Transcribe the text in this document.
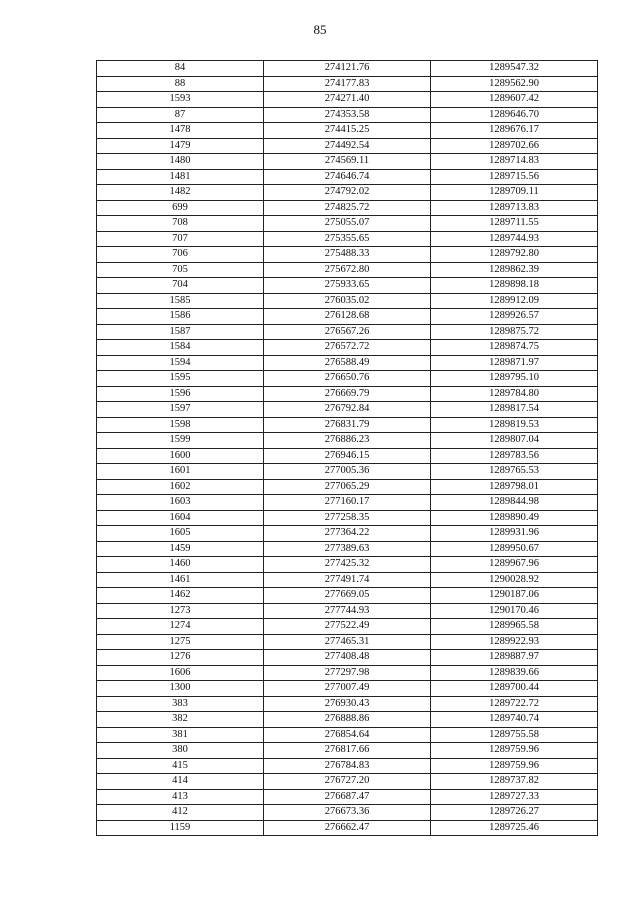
85
84	274121.76	1289547.32
88	274177.83	1289562.90
1593	274271.40	1289607.42
87	274353.58	1289646.70
1478	274415.25	1289676.17
1479	274492.54	1289702.66
1480	274569.11	1289714.83
1481	274646.74	1289715.56
1482	274792.02	1289709.11
699	274825.72	1289713.83
708	275055.07	1289711.55
707	275355.65	1289744.93
706	275488.33	1289792.80
705	275672.80	1289862.39
704	275933.65	1289898.18
1585	276035.02	1289912.09
1586	276128.68	1289926.57
1587	276567.26	1289875.72
1584	276572.72	1289874.75
1594	276588.49	1289871.97
1595	276650.76	1289795.10
1596	276669.79	1289784.80
1597	276792.84	1289817.54
1598	276831.79	1289819.53
1599	276886.23	1289807.04
1600	276946.15	1289783.56
1601	277005.36	1289765.53
1602	277065.29	1289798.01
1603	277160.17	1289844.98
1604	277258.35	1289890.49
1605	277364.22	1289931.96
1459	277389.63	1289950.67
1460	277425.32	1289967.96
1461	277491.74	1290028.92
1462	277669.05	1290187.06
1273	277744.93	1290170.46
1274	277522.49	1289965.58
1275	277465.31	1289922.93
1276	277408.48	1289887.97
1606	277297.98	1289839.66
1300	277007.49	1289700.44
383	276930.43	1289722.72
382	276888.86	1289740.74
381	276854.64	1289755.58
380	276817.66	1289759.96
415	276784.83	1289759.96
414	276727.20	1289737.82
413	276687.47	1289727.33
412	276673.36	1289726.27
1159	276662.47	1289725.46
